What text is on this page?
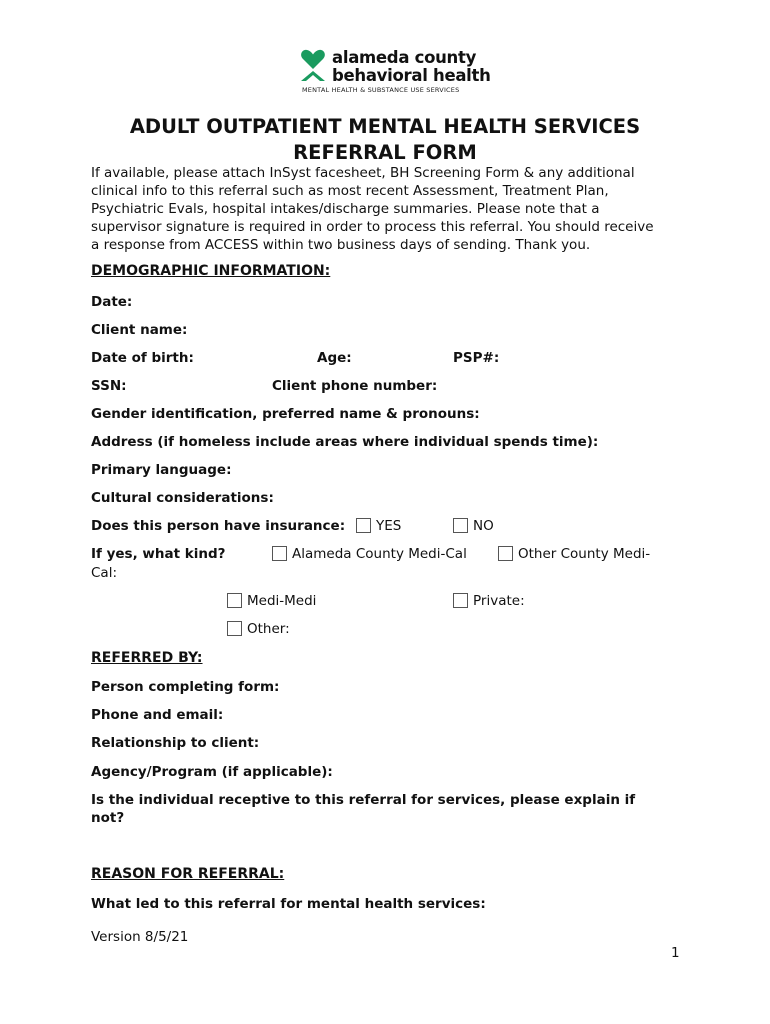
alameda county
behavioral health
MENTAL HEALTH & SUBSTANCE USE SERVICES
ADULT OUTPATIENT MENTAL HEALTH SERVICES
REFERRAL FORM
If available, please attach InSyst facesheet, BH Screening Form & any additional
clinical info to this referral such as most recent Assessment, Treatment Plan,
Psychiatric Evals, hospital intakes/discharge summaries. Please note that a
supervisor signature is required in order to process this referral. You should receive
a response from ACCESS within two business days of sending. Thank you.
DEMOGRAPHIC INFORMATION:
Date:
Client name:
Date of birth:	Age:	PSP#:
SSN:	Client phone number:
Gender identification, preferred name & pronouns:
Address (if homeless include areas where individual spends time):
Primary language:
Cultural considerations:
Does this person have insurance: YES	NO
If yes, what kind?	Alameda County Medi-Cal	Other County Medi-
Cal:
Medi-Medi	Private:
Other:
REFERRED BY:
Person completing form:
Phone and email:
Relationship to client:
Agency/Program (if applicable):
Is the individual receptive to this referral for services, please explain if
not?
REASON FOR REFERRAL:
What led to this referral for mental health services:
Version 8/5/21
1
